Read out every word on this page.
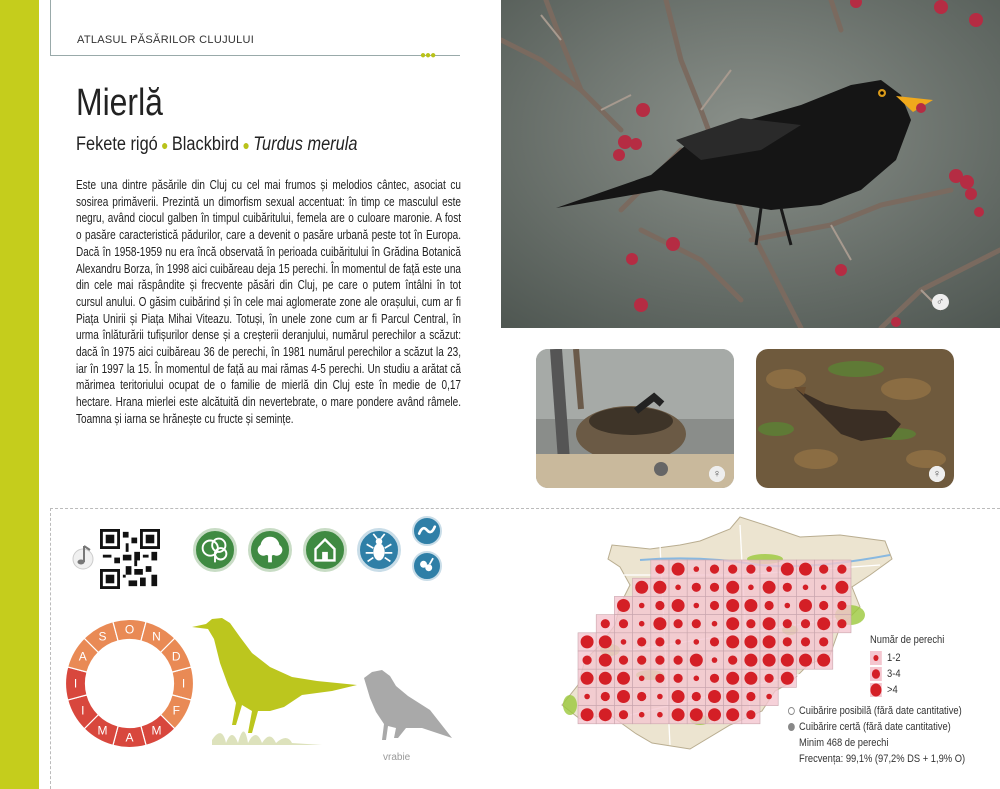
ATLASUL PĂSĂRILOR CLUJULUI
●●●
Mierlă
Fekete rigó ● Blackbird ● Turdus merula
Este una dintre păsările din Cluj cu cel mai frumos și melodios cântec, asociat cu sosirea primăverii. Prezintă un dimorfism sexual accentuat: în timp ce masculul este negru, având ciocul galben în timpul cuibăritului, femela are o culoare maronie. A fost o pasăre caracteristică pădurilor, care a devenit o pasăre urbană peste tot în Europa. Dacă în 1958-1959 nu era încă observată în perioada cuibăritului în Grădina Botanică Alexandru Borza, în 1998 aici cuibăreau deja 15 perechi. În momentul de față este una din cele mai răspândite și frecvente păsări din Cluj, pe care o putem întâlni în tot cursul anului. O găsim cuibărind și în cele mai aglomerate zone ale orașului, cum ar fi Piața Unirii și Piața Mihai Viteazu. Totuși, în unele zone cum ar fi Parcul Central, în urma înlăturării tufișurilor dense și a creșterii deranjului, numărul perechilor a scăzut: dacă în 1975 aici cuibăreau 36 de perechi, în 1981 numărul perechilor a scăzut la 23, iar în 1997 la 15. În momentul de față au mai rămas 4-5 perechi. Un studiu a arătat că mărimea teritoriului ocupat de o familie de mierlă din Cluj este în medie de 0,17 hectare. Hrana mierlei este alcătuită din nevertebrate, o mare pondere având râmele. Toamna și iarna se hrănește cu fructe și semințe.
♂
♀	♀
I
F
M
A
M
I
I
A
S
O
N
D
vrabie
Număr de perechi
1-2
3-4
>4
Cuibărire posibilă (fără date cantitative)
Cuibărire certă (fără date cantitative)
Minim 468 de perechi
Frecvența: 99,1% (97,2% DS + 1,9% O)
